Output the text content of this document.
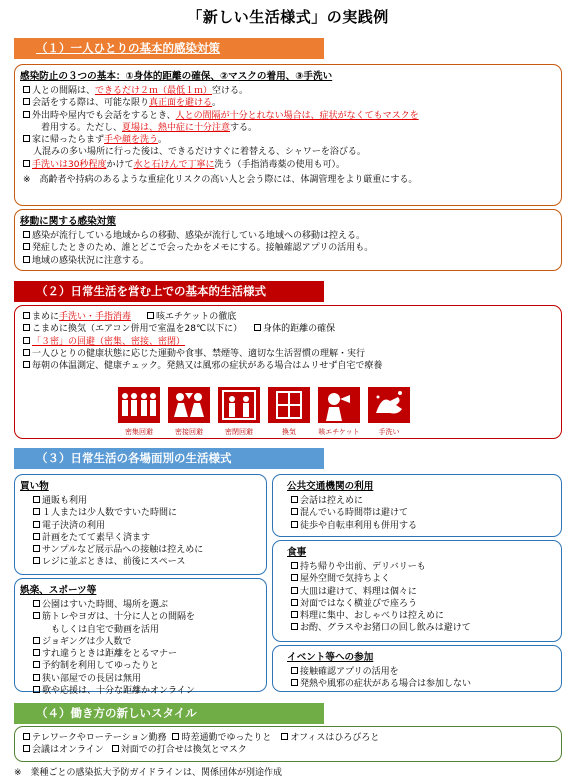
「新しい生活様式」の実践例
（１）一人ひとりの基本的感染対策
感染防止の３つの基本：①身体的距離の確保、②マスクの着用、③手洗い
人との間隔は、できるだけ２ｍ（最低１ｍ）空ける。
会話をする際は、可能な限り真正面を避ける。
外出時や屋内でも会話をするとき、人との間隔が十分とれない場合は、症状がなくてもマスクを
着用する。ただし、夏場は、熱中症に十分注意する。
家に帰ったらまず手や顔を洗う。
人混みの多い場所に行った後は、できるだけすぐに着替える、シャワーを浴びる。
手洗いは30秒程度かけて水と石けんで丁寧に洗う（手指消毒薬の使用も可）。
※　高齢者や持病のあるような重症化リスクの高い人と会う際には、体調管理をより厳重にする。
移動に関する感染対策
感染が流行している地域からの移動、感染が流行している地域への移動は控える。
発症したときのため、誰とどこで会ったかをメモにする。接触確認アプリの活用も。
地域の感染状況に注意する。
（２）日常生活を営む上での基本的生活様式
まめに手洗い・手指消毒	咳エチケットの徹底
こまめに換気（エアコン併用で室温を28℃以下に） 身体的距離の確保
「３密」の回避（密集、密接、密閉）
一人ひとりの健康状態に応じた運動や食事、禁煙等、適切な生活習慣の理解・実行
毎朝の体温測定、健康チェック。発熱又は風邪の症状がある場合はムリせず自宅で療養
密集回避	密接回避	密閉回避	換気	咳エチケット	手洗い
（３）日常生活の各場面別の生活様式
買い物
通販も利用
１人または少人数ですいた時間に
電子決済の利用
計画をたてて素早く済ます
サンプルなど展示品への接触は控えめに
レジに並ぶときは、前後にスペース
娯楽、スポーツ等
公園はすいた時間、場所を選ぶ
筋トレやヨガは、十分に人との間隔を
もしくは自宅で動画を活用
ジョギングは少人数で
すれ違うときは距離をとるマナー
予約制を利用してゆったりと
狭い部屋での長居は無用
歌や応援は、十分な距離かオンライン
公共交通機関の利用
会話は控えめに
混んでいる時間帯は避けて
徒歩や自転車利用も併用する
食事
持ち帰りや出前、デリバリーも
屋外空間で気持ちよく
大皿は避けて、料理は個々に
対面ではなく横並びで座ろう
料理に集中、おしゃべりは控えめに
お酌、グラスやお猪口の回し飲みは避けて
イベント等への参加
接触確認アプリの活用を
発熱や風邪の症状がある場合は参加しない
（４）働き方の新しいスタイル
テレワークやローテーション勤務 時差通勤でゆったりと オフィスはひろびろと
会議はオンライン 対面での打合せは換気とマスク
※　業種ごとの感染拡大予防ガイドラインは、関係団体が別途作成
